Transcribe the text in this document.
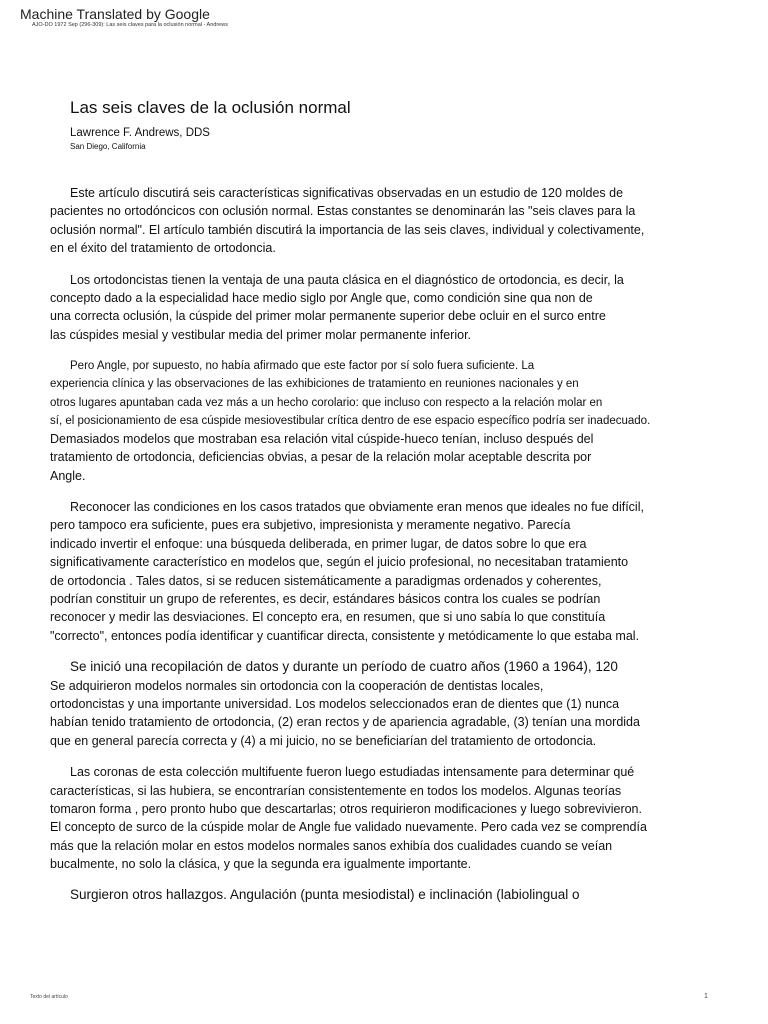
Machine Translated by Google
AJO-DO 1972 Sep (296-309): Las seis claves para la oclusión normal - Andrews
Las seis claves de la oclusión normal
Lawrence F. Andrews, DDS
San Diego, California
Este artículo discutirá seis características significativas observadas en un estudio de 120 moldes de
pacientes no ortodóncicos con oclusión normal. Estas constantes se denominarán las "seis claves para la
oclusión normal". El artículo también discutirá la importancia de las seis claves, individual y colectivamente,
en el éxito del tratamiento de ortodoncia.
Los ortodoncistas tienen la ventaja de una pauta clásica en el diagnóstico de ortodoncia, es decir, la
concepto dado a la especialidad hace medio siglo por Angle que, como condición sine qua non de
una correcta oclusión, la cúspide del primer molar permanente superior debe ocluir en el surco entre
las cúspides mesial y vestibular media del primer molar permanente inferior.
Pero Angle, por supuesto, no había afirmado que este factor por sí solo fuera suficiente. La
experiencia clínica y las observaciones de las exhibiciones de tratamiento en reuniones nacionales y en
otros lugares apuntaban cada vez más a un hecho corolario: que incluso con respecto a la relación molar en
sí, el posicionamiento de esa cúspide mesiovestibular crítica dentro de ese espacio específico podría ser inadecuado.
Demasiados modelos que mostraban esa relación vital cúspide-hueco tenían, incluso después del
tratamiento de ortodoncia, deficiencias obvias, a pesar de la relación molar aceptable descrita por
Angle.
Reconocer las condiciones en los casos tratados que obviamente eran menos que ideales no fue difícil,
pero tampoco era suficiente, pues era subjetivo, impresionista y meramente negativo. Parecía
indicado invertir el enfoque: una búsqueda deliberada, en primer lugar, de datos sobre lo que era
significativamente característico en modelos que, según el juicio profesional, no necesitaban tratamiento
de ortodoncia . Tales datos, si se reducen sistemáticamente a paradigmas ordenados y coherentes,
podrían constituir un grupo de referentes, es decir, estándares básicos contra los cuales se podrían
reconocer y medir las desviaciones. El concepto era, en resumen, que si uno sabía lo que constituía
"correcto", entonces podía identificar y cuantificar directa, consistente y metódicamente lo que estaba mal.
Se inició una recopilación de datos y durante un período de cuatro años (1960 a 1964), 120
Se adquirieron modelos normales sin ortodoncia con la cooperación de dentistas locales,
ortodoncistas y una importante universidad. Los modelos seleccionados eran de dientes que (1) nunca
habían tenido tratamiento de ortodoncia, (2) eran rectos y de apariencia agradable, (3) tenían una mordida
que en general parecía correcta y (4) a mi juicio, no se beneficiarían del tratamiento de ortodoncia.
Las coronas de esta colección multifuente fueron luego estudiadas intensamente para determinar qué
características, si las hubiera, se encontrarían consistentemente en todos los modelos. Algunas teorías
tomaron forma , pero pronto hubo que descartarlas; otros requirieron modificaciones y luego sobrevivieron.
El concepto de surco de la cúspide molar de Angle fue validado nuevamente. Pero cada vez se comprendía
más que la relación molar en estos modelos normales sanos exhibía dos cualidades cuando se veían
bucalmente, no solo la clásica, y que la segunda era igualmente importante.
Surgieron otros hallazgos. Angulación (punta mesiodistal) e inclinación (labiolingual o
Texto del artículo	1
